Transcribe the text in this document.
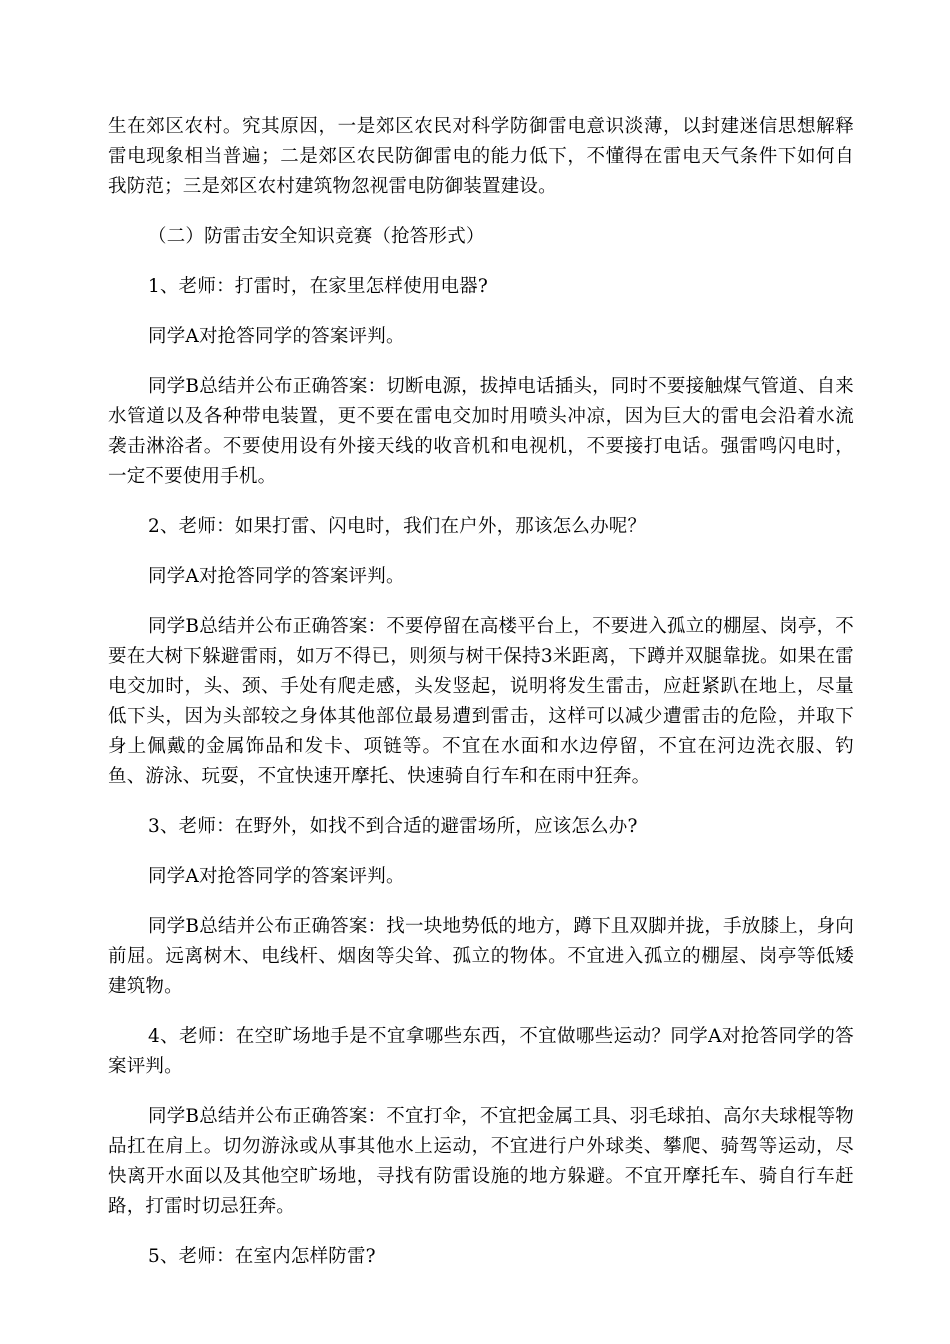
生在郊区农村。究其原因，一是郊区农民对科学防御雷电意识淡薄，以封建迷信思想解释雷电现象相当普遍；二是郊区农民防御雷电的能力低下，不懂得在雷电天气条件下如何自我防范；三是郊区农村建筑物忽视雷电防御装置建设。

（二）防雷击安全知识竞赛（抢答形式）

1、老师：打雷时，在家里怎样使用电器?

同学A对抢答同学的答案评判。

同学B总结并公布正确答案：切断电源，拔掉电话插头，同时不要接触煤气管道、自来水管道以及各种带电装置，更不要在雷电交加时用喷头冲凉，因为巨大的雷电会沿着水流袭击淋浴者。不要使用设有外接天线的收音机和电视机，不要接打电话。强雷鸣闪电时，一定不要使用手机。

2、老师：如果打雷、闪电时，我们在户外，那该怎么办呢？

同学A对抢答同学的答案评判。

同学B总结并公布正确答案：不要停留在高楼平台上，不要进入孤立的棚屋、岗亭，不要在大树下躲避雷雨，如万不得已，则须与树干保持3米距离，下蹲并双腿靠拢。如果在雷电交加时，头、颈、手处有爬走感，头发竖起，说明将发生雷击，应赶紧趴在地上，尽量低下头，因为头部较之身体其他部位最易遭到雷击，这样可以减少遭雷击的危险，并取下身上佩戴的金属饰品和发卡、项链等。不宜在水面和水边停留，不宜在河边洗衣服、钓鱼、游泳、玩耍，不宜快速开摩托、快速骑自行车和在雨中狂奔。

3、老师：在野外，如找不到合适的避雷场所，应该怎么办?

同学A对抢答同学的答案评判。

同学B总结并公布正确答案：找一块地势低的地方，蹲下且双脚并拢，手放膝上，身向前屈。远离树木、电线杆、烟囱等尖耸、孤立的物体。不宜进入孤立的棚屋、岗亭等低矮建筑物。

4、老师：在空旷场地手是不宜拿哪些东西，不宜做哪些运动？同学A对抢答同学的答案评判。

同学B总结并公布正确答案：不宜打伞，不宜把金属工具、羽毛球拍、高尔夫球棍等物品扛在肩上。切勿游泳或从事其他水上运动，不宜进行户外球类、攀爬、骑驾等运动，尽快离开水面以及其他空旷场地，寻找有防雷设施的地方躲避。不宜开摩托车、骑自行车赶路，打雷时切忌狂奔。

5、老师：在室内怎样防雷?
